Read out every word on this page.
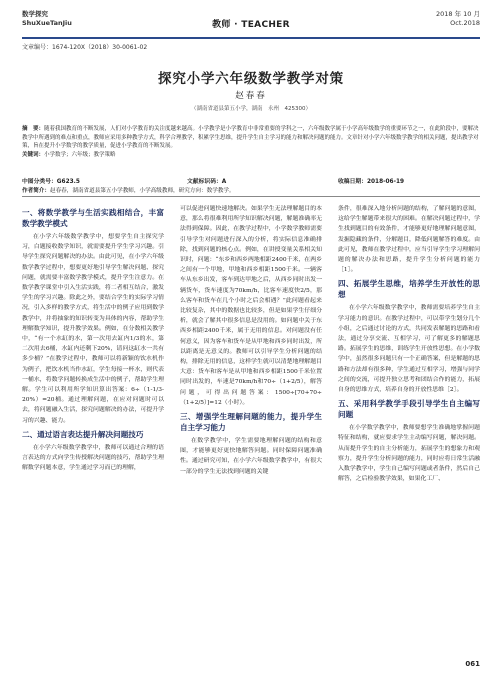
数学探究
ShuXueTanJiu	教师 · TEACHER
2018 年 10 月
Oct.2018
文章编号：1674-120X（2018）30-0061-02
探究小学六年级数学教学对策
赵春春
（湖南省道县第五小学，湖南　永州　425300）

摘　要：随着我国教育的不断发展，人们对小学教育的关注度越来越高。小学教学是小学教育中非常重要的学科之一，六年级数学属于小学高年级数学的重要环节之一，在此阶段中，要解决教学中所遇到的难点和重点，教师应采用多种教学方式，科学合理教学，积累学生思维，提升学生自主学习的能力和解决问题的能力。文章针对小学六年级数学教学的相关问题，提出教学对策，旨在提升小学数学的教学质量，促进小学教育的不断发展。

关键词：小学数学；六年级；教学策略

中图分类号：G623.5	文献标识码：A	收稿日期：2018-06-19
作者简介：赵春春，湖南省道县第五小学教师，小学高级教师，研究方向：数学教学。
一、将数学教学与生活实践相结合，丰富数学教学模式

在小学六年级数学教学中，想要学生自主探究学习，白题接收数学知识，就需要提升学生学习兴趣。引导学生探究问题解决的办法。由此可见，在小学六年级数学教学过程中，想要更好地引导学生解决问题、探究问题，就需要丰富数学教学模式，提升学生注意力。在数学教学课堂中引入生活实践，将二者相互结合，激发学生的学习兴趣。除此之外，要结合学生的实际学习情况，引入多样的教学方式，将生活中的例子应用到数学教学中，并将抽象的知识转变为具体的内容，帮助学生理解数学知识，提升教学效果。例如，在分数相关教学中，“有一个水缸的水，第一次用去缸内1/3的水，第二次用去6桶，水缸内还剩下20%，请问这缸水一共有多少桶？”在教学过程中，教师可以将新颖的饮水机作为例子，把饮水机当作水缸，学生每接一杯水，则代表一桶水，将数学问题转换成生活中的例子，帮助学生理解。学生可以利用所学知识算出答案：6÷（1-1/3-20%）=20桶。通过理解问题，在应对问题时可以去，将问题融入生活，探究问题解决的办法，可提升学习的兴趣、能力。

二、通过语言表达提升解决问题技巧

在小学六年级数学教学中，教师可以通过合理的语言表达的方式向学生传授解决问题的技巧，帮助学生理解数学问题本意，学生通过学习而已的理解，

可以促进问题快速地解决。如果学生无法理解题目的本意，那么将很难利用所学知识解决问题，解题准确率无法得到保障。因此，在教学过程中，小学数学教师需要引导学生对问题进行深入的分析，将实际信息准确排除，找到问题的核心点。例如，在讲授变量关系相关知识时，问题：“东乡和西乡两地相距2400千米，在两乡之间有一个甲地，甲地和西乡相距1500千米。一辆客车从东乡出发，客车到达甲地之后，从西乡同时出发一辆货车，货车速度为70km/h，比客车速度快2/5，那么客车和货车在几个小时之后会相遇？”此问题看起来比较复杂，其中的数据也比较多，但是如果学生仔细分析，就会了解其中很多信息是没用的。如问题中关于东西乡相距2400千米，属于无用的信息。对问题没有任何意义，因为客车和货车是从甲地和西乡同时出发，所以距离是无意义的。教师可以引导学生分析问题的结构，排除无用的信息，这样学生就可以清楚地理解题目大意：货车和客车是从甲地和西乡相距1500千米位置同时出发的，车速是70km/h和70÷（1+2/5），解答问题，可得出问题答案：1500÷[70+70÷（1+2/5）]=12（小时）。

三、增强学生理解问题的能力，提升学生自主学习能力

在数学教学中，学生需要地理解问题的结构和意图，才能够更好更快地解答问题。同时保障问题准确性。通过研究可知，在小学六年级数学教学中，有很大一部分的学生无法找到问题的关键

条件，很难深入地分析问题的结构，了解问题的意图，这给学生解题带来很大的困难。在解决问题过程中，学生找到题目的有效条件，才能够更好地理解问题意图，发掘隐藏的条件，分解题目，降低问题解答的难度。由此可见，教师在教学过程中，应当引导学生学习理解问题的解决办法和思路，提升学生分析问题的能力［1］。

四、拓展学生思维，培养学生开放性的思想

在小学六年级数学教学中，教师需要培养学生自主学习能力的意识。在教学过程中，可以带学生划分几个小组，之后通过讨论的方式，共同发表解题的思路和看法，通过分享交流、互相学习，可了解更多的解题思路。拓展学生的思维，训练学生开放性思想。在小学数学中，虽然很多问题只有一个正确答案，但是解题的思路和方法却有很多种，学生通过互相学习，增强与同学之间的交流，可提升独立思考和团结合作的能力，拓展自身的思维方式，培养自身的开放性思维［2］。

五、采用科学教学手段引导学生自主编写问题

在小学数学教学中，教师要想学生准确地掌握问题特征和结构，就应要求学生主动编写问题，解决问题。从而提升学生的自主分析能力，拓展学生的想象力和观察力，提升学生分析问题的能力，同时应将日常生活融入数学教学中，学生自己编写问题或者条件，然后自己解答，之后检验教学效果，如果化工厂、

061
